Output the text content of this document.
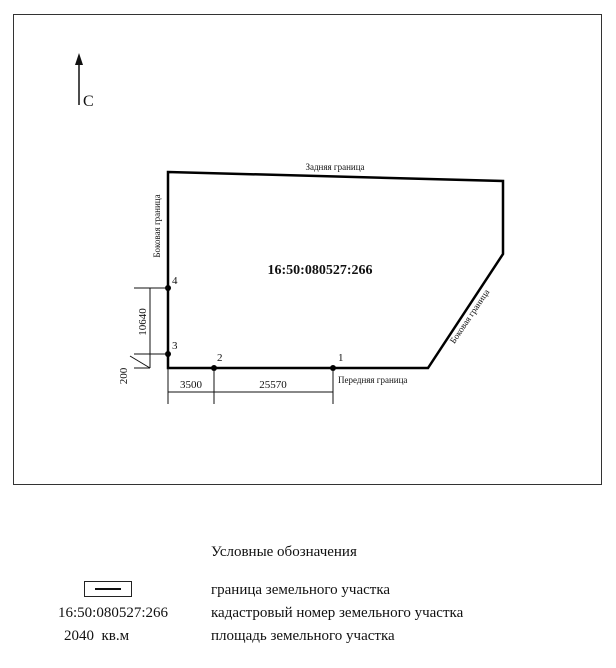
С
Задняя граница
Передняя граница
Боковая граница
Боковая граница
16:50:080527:266
1
2
3
4
3500	25570
10640
200
Условные обозначения
граница земельного участка
16:50:080527:266	кадастровый номер земельного участка
2040  кв.м	площадь земельного участка
